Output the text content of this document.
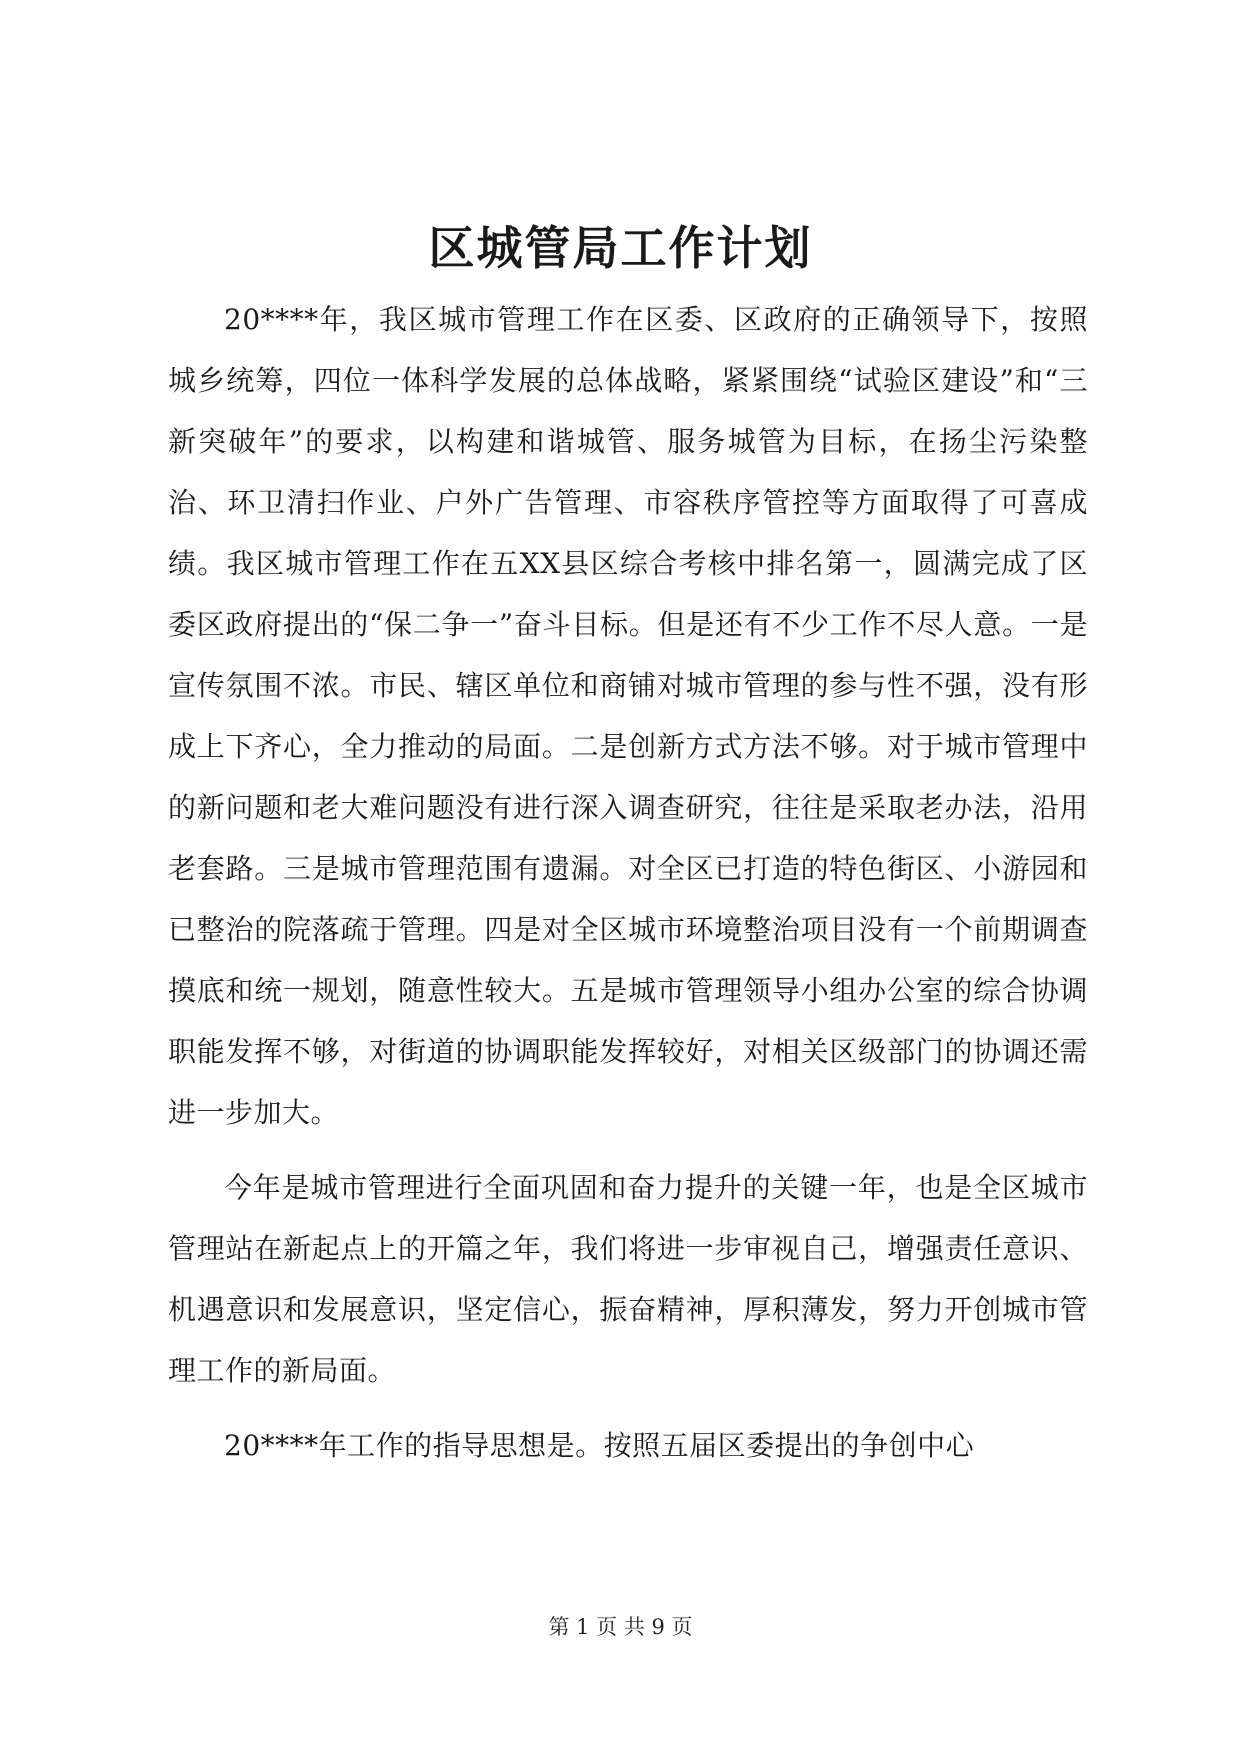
区城管局工作计划

20****年，我区城市管理工作在区委、区政府的正确领导下，按照城乡统筹，四位一体科学发展的总体战略，紧紧围绕“试验区建设”和“三新突破年”的要求，以构建和谐城管、服务城管为目标，在扬尘污染整治、环卫清扫作业、户外广告管理、市容秩序管控等方面取得了可喜成绩。我区城市管理工作在五XX县区综合考核中排名第一，圆满完成了区委区政府提出的“保二争一”奋斗目标。但是还有不少工作不尽人意。一是宣传氛围不浓。市民、辖区单位和商铺对城市管理的参与性不强，没有形成上下齐心，全力推动的局面。二是创新方式方法不够。对于城市管理中的新问题和老大难问题没有进行深入调查研究，往往是采取老办法，沿用老套路。三是城市管理范围有遗漏。对全区已打造的特色街区、小游园和已整治的院落疏于管理。四是对全区城市环境整治项目没有一个前期调查摸底和统一规划，随意性较大。五是城市管理领导小组办公室的综合协调职能发挥不够，对街道的协调职能发挥较好，对相关区级部门的协调还需进一步加大。

今年是城市管理进行全面巩固和奋力提升的关键一年，也是全区城市管理站在新起点上的开篇之年，我们将进一步审视自己，增强责任意识、机遇意识和发展意识，坚定信心，振奋精神，厚积薄发，努力开创城市管理工作的新局面。

20****年工作的指导思想是。按照五届区委提出的争创中心

第 1 页 共 9 页
